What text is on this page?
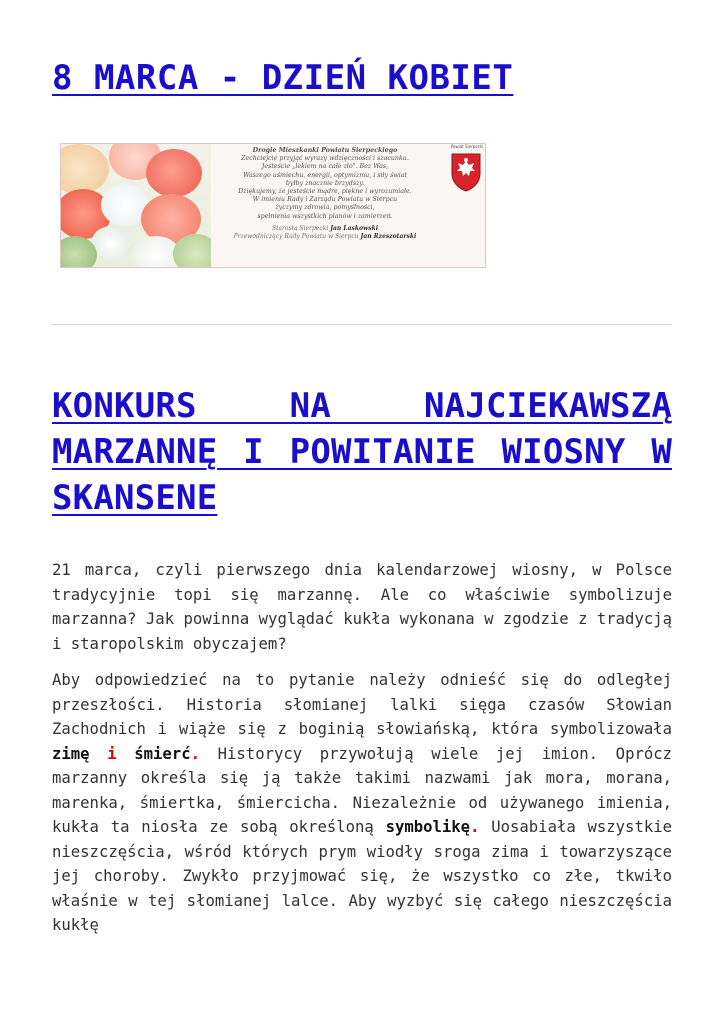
8 MARCA - DZIEŃ KOBIET
Drogie Mieszkanki Powiatu Sierpeckiego
Zechciejcie przyjąć wyrazy wdzięczności i szacunku.
Jesteście „lekiem na całe zło". Bez Was,
Waszego uśmiechu, energii, optymizmu, i siły świat
byłby znacznie brzydszy.
Dziękujemy, że jesteście mądre, piękne i wyrozumiałe.
W imieniu Rady i Zarządu Powiatu w Sierpcu
życzymy zdrowia, pomyślności,
spełnienia wszystkich planów i zamierzeń.
Starosta Sierpecki Jan Laskowski
Przewodniczący Rady Powiatu w Sierpcu Jan Rzeszotarski
Powiat Sierpecki
KONKURS NA NAJCIEKAWSZĄ MARZANNĘ I POWITANIE WIOSNY W SKANSENE

21 marca, czyli pierwszego dnia kalendarzowej wiosny, w Polsce tradycyjnie topi się marzannę. Ale co właściwie symbolizuje marzanna? Jak powinna wyglądać kukła wykonana w zgodzie z tradycją i staropolskim obyczajem?

Aby odpowiedzieć na to pytanie należy odnieść się do odległej przeszłości. Historia słomianej lalki sięga czasów Słowian Zachodnich i wiąże się z boginią słowiańską, która symbolizowała zimę i śmierć. Historycy przywołują wiele jej imion. Oprócz marzanny określa się ją także takimi nazwami jak mora, morana, marenka, śmiertka, śmiercicha. Niezależnie od używanego imienia, kukła ta niosła ze sobą określoną symbolikę. Uosabiała wszystkie nieszczęścia, wśród których prym wiodły sroga zima i towarzyszące jej choroby. Zwykło przyjmować się, że wszystko co złe, tkwiło właśnie w tej słomianej lalce. Aby wyzbyć się całego nieszczęścia kukłę
